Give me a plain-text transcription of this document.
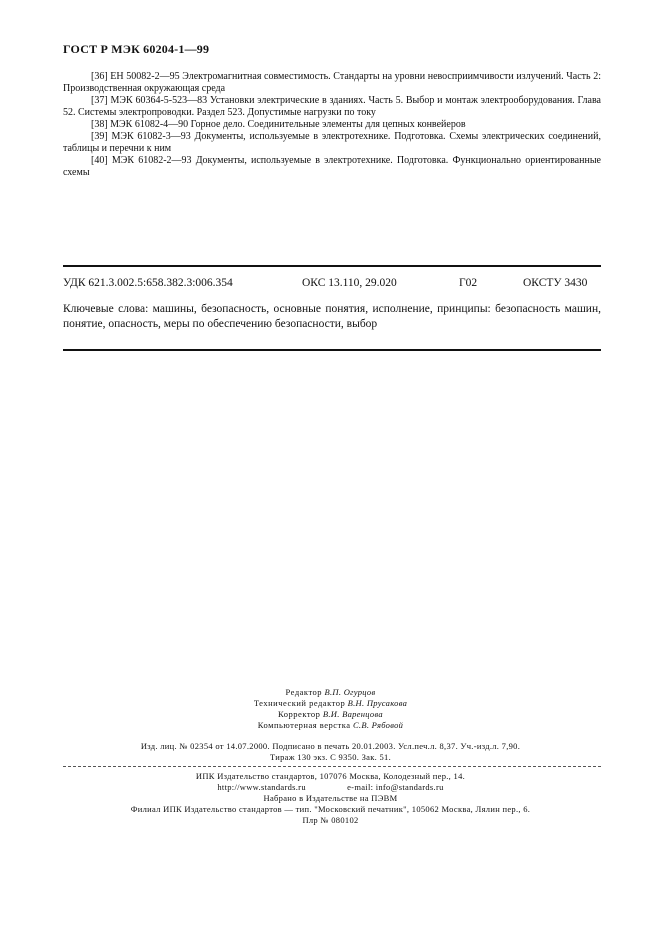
ГОСТ Р МЭК 60204-1—99

[36] ЕН 50082-2—95 Электромагнитная совместимость. Стандарты на уровни невосприимчивости излучений. Часть 2: Производственная окружающая среда

[37] МЭК 60364-5-523—83 Установки электрические в зданиях. Часть 5. Выбор и монтаж электрооборудования. Глава 52. Системы электропроводки. Раздел 523. Допустимые нагрузки по току

[38] МЭК 61082-4—90 Горное дело. Соединительные элементы для цепных конвейеров

[39] МЭК 61082-3—93 Документы, используемые в электротехнике. Подготовка. Схемы электрических соединений, таблицы и перечни к ним

[40] МЭК 61082-2—93 Документы, используемые в электротехнике. Подготовка. Функционально ориентированные схемы

УДК 621.3.002.5:658.382.3:006.354	ОКС 13.110, 29.020	Г02	ОКСТУ 3430
Ключевые слова: машины, безопасность, основные понятия, исполнение, принципы: безопасность машин, понятие, опасность, меры по обеспечению безопасности, выбор
Редактор В.П. Огурцов
Технический редактор В.Н. Прусакова
Корректор В.И. Варенцова
Компьютерная верстка С.В. Рябовой
Изд. лиц. № 02354 от 14.07.2000. Подписано в печать 20.01.2003. Усл.печ.л. 8,37. Уч.-изд.л. 7,90.
Тираж 130 экз. С 9350. Зак. 51.
ИПК Издательство стандартов, 107076 Москва, Колодезный пер., 14.
http://www.standards.ru	e-mail: info@standards.ru
Набрано в Издательстве на ПЭВМ
Филиал ИПК Издательство стандартов — тип. "Московский печатник", 105062 Москва, Лялин пер., 6.
Плр № 080102
